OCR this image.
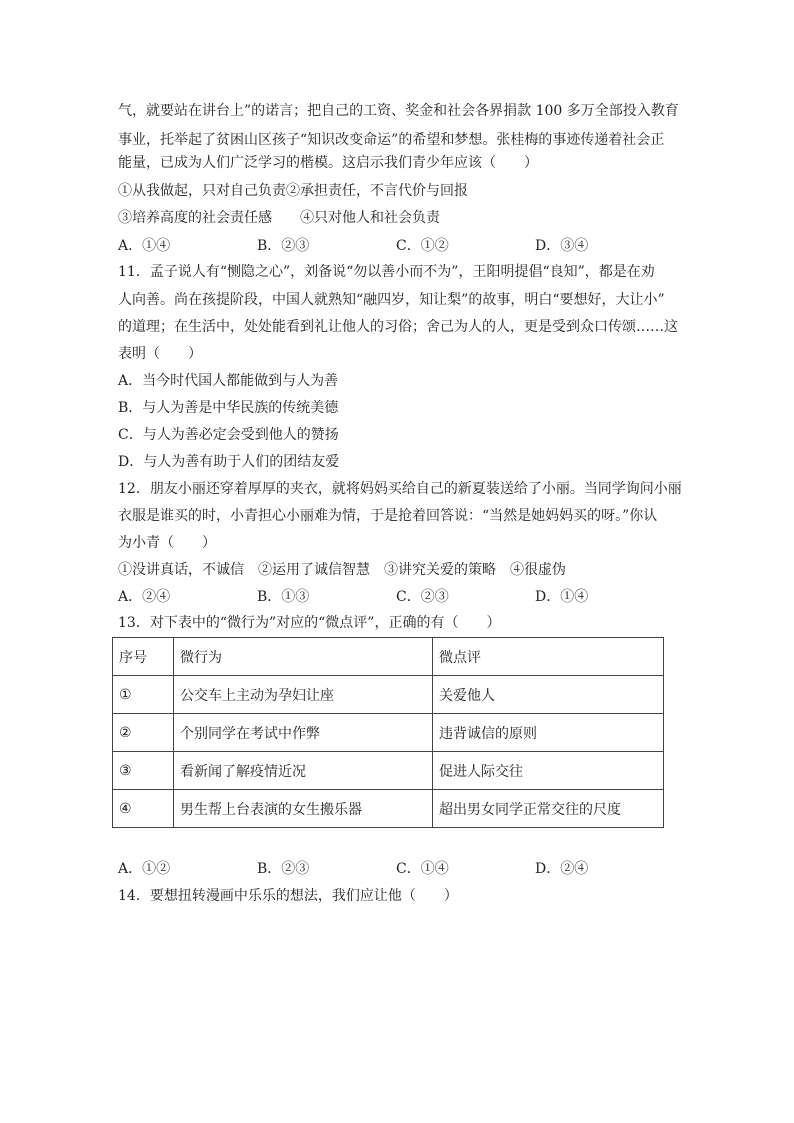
气，就要站在讲台上”的诺言；把自己的工资、奖金和社会各界捐款 100 多万全部投入教育
事业，托举起了贫困山区孩子“知识改变命运”的希望和梦想。张桂梅的事迹传递着社会正
能量，已成为人们广泛学习的楷模。这启示我们青少年应该（　　）
①从我做起，只对自己负责②承担责任，不言代价与回报
③培养高度的社会责任感　　④只对他人和社会负责
A．①④	B．②③	C．①②	D．③④
11．孟子说人有“恻隐之心”，刘备说“勿以善小而不为”，王阳明提倡“良知”，都是在劝
人向善。尚在孩提阶段，中国人就熟知“融四岁，知让梨”的故事，明白“要想好，大让小”
的道理；在生活中，处处能看到礼让他人的习俗；舍己为人的人，更是受到众口传颂……这
表明（　　）
A．当今时代国人都能做到与人为善
B．与人为善是中华民族的传统美德
C．与人为善必定会受到他人的赞扬
D．与人为善有助于人们的团结友爱
12．朋友小丽还穿着厚厚的夹衣，就将妈妈买给自己的新夏装送给了小丽。当同学询问小丽
衣服是谁买的时，小青担心小丽难为情，于是抢着回答说：“当然是她妈妈买的呀。”你认
为小青（　　）
①没讲真话，不诚信　②运用了诚信智慧　③讲究关爱的策略　④很虚伪
A．②④	B．①③	C．②③	D．①④
13．对下表中的“微行为”对应的“微点评”，正确的有（　　）
序号	微行为	微点评
①	公交车上主动为孕妇让座	关爱他人
②	个别同学在考试中作弊	违背诚信的原则
③	看新闻了解疫情近况	促进人际交往
④	男生帮上台表演的女生搬乐器	超出男女同学正常交往的尺度
A．①②	B．②③	C．①④	D．②④
14．要想扭转漫画中乐乐的想法，我们应让他（　　）
